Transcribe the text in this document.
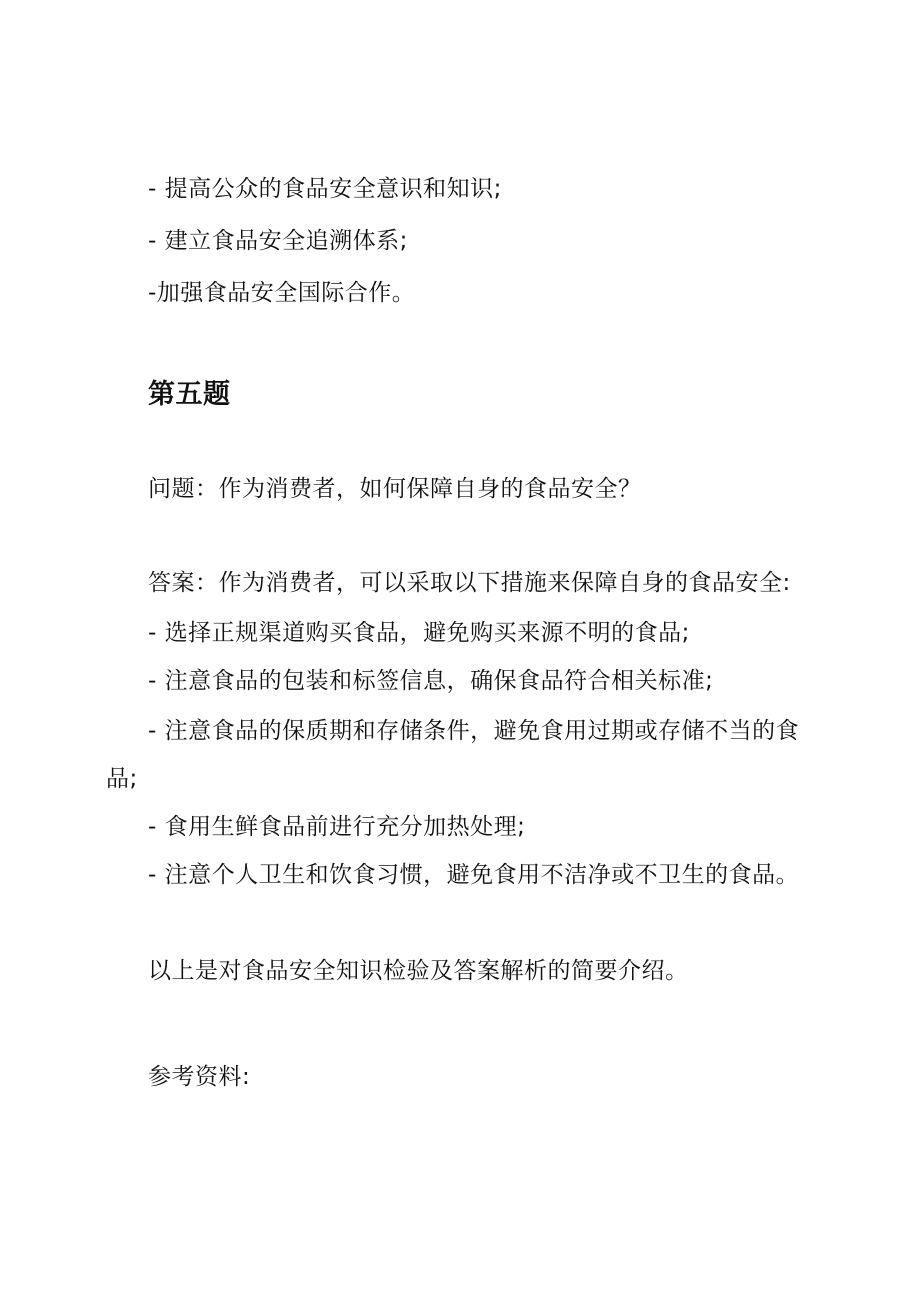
- 提高公众的食品安全意识和知识;
- 建立食品安全追溯体系;
-加强食品安全国际合作。
第五题
问题：作为消费者，如何保障自身的食品安全？
答案：作为消费者，可以采取以下措施来保障自身的食品安全:
- 选择正规渠道购买食品，避免购买来源不明的食品;
- 注意食品的包装和标签信息，确保食品符合相关标准;
- 注意食品的保质期和存储条件，避免食用过期或存储不当的食
品;
- 食用生鲜食品前进行充分加热处理;
- 注意个人卫生和饮食习惯，避免食用不洁净或不卫生的食品。
以上是对食品安全知识检验及答案解析的简要介绍。
参考资料:
